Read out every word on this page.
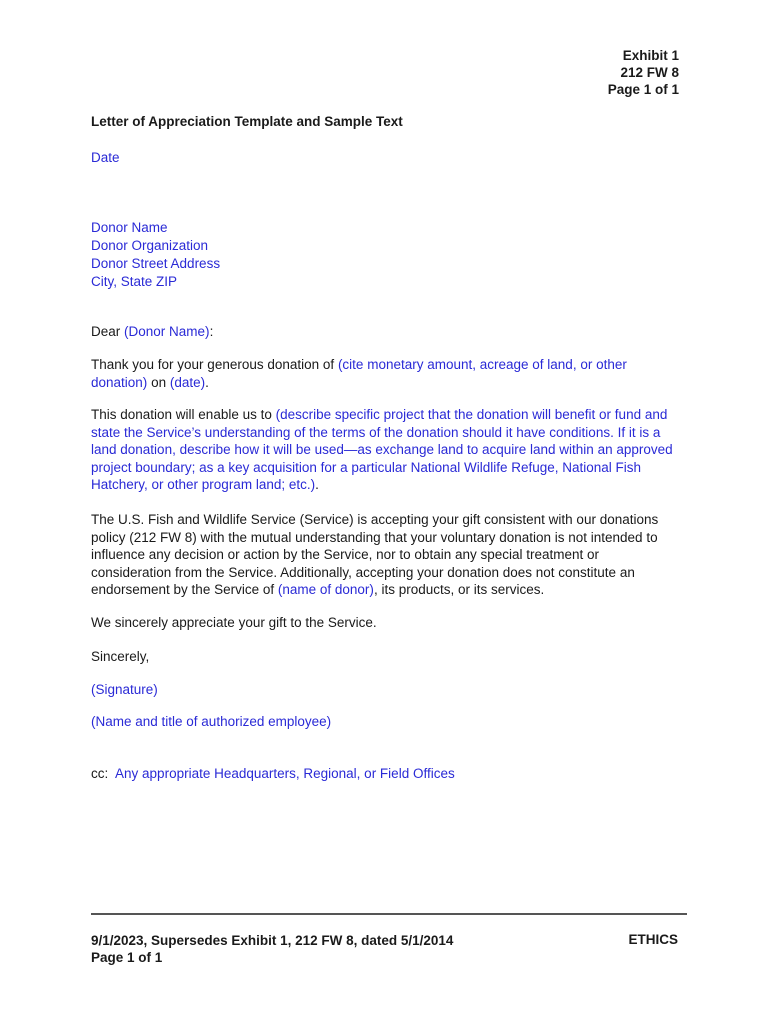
Exhibit 1
212 FW 8
Page 1 of 1
Letter of Appreciation Template and Sample Text
Date
Donor Name
Donor Organization
Donor Street Address
City, State ZIP
Dear (Donor Name):
Thank you for your generous donation of (cite monetary amount, acreage of land, or other donation) on (date).
This donation will enable us to (describe specific project that the donation will benefit or fund and state the Service’s understanding of the terms of the donation should it have conditions. If it is a land donation, describe how it will be used—as exchange land to acquire land within an approved project boundary; as a key acquisition for a particular National Wildlife Refuge, National Fish Hatchery, or other program land; etc.).
The U.S. Fish and Wildlife Service (Service) is accepting your gift consistent with our donations policy (212 FW 8) with the mutual understanding that your voluntary donation is not intended to influence any decision or action by the Service, nor to obtain any special treatment or consideration from the Service. Additionally, accepting your donation does not constitute an endorsement by the Service of (name of donor), its products, or its services.
We sincerely appreciate your gift to the Service.
Sincerely,
(Signature)
(Name and title of authorized employee)
cc: Any appropriate Headquarters, Regional, or Field Offices
9/1/2023, Supersedes Exhibit 1, 212 FW 8, dated 5/1/2014
Page 1 of 1
ETHICS
